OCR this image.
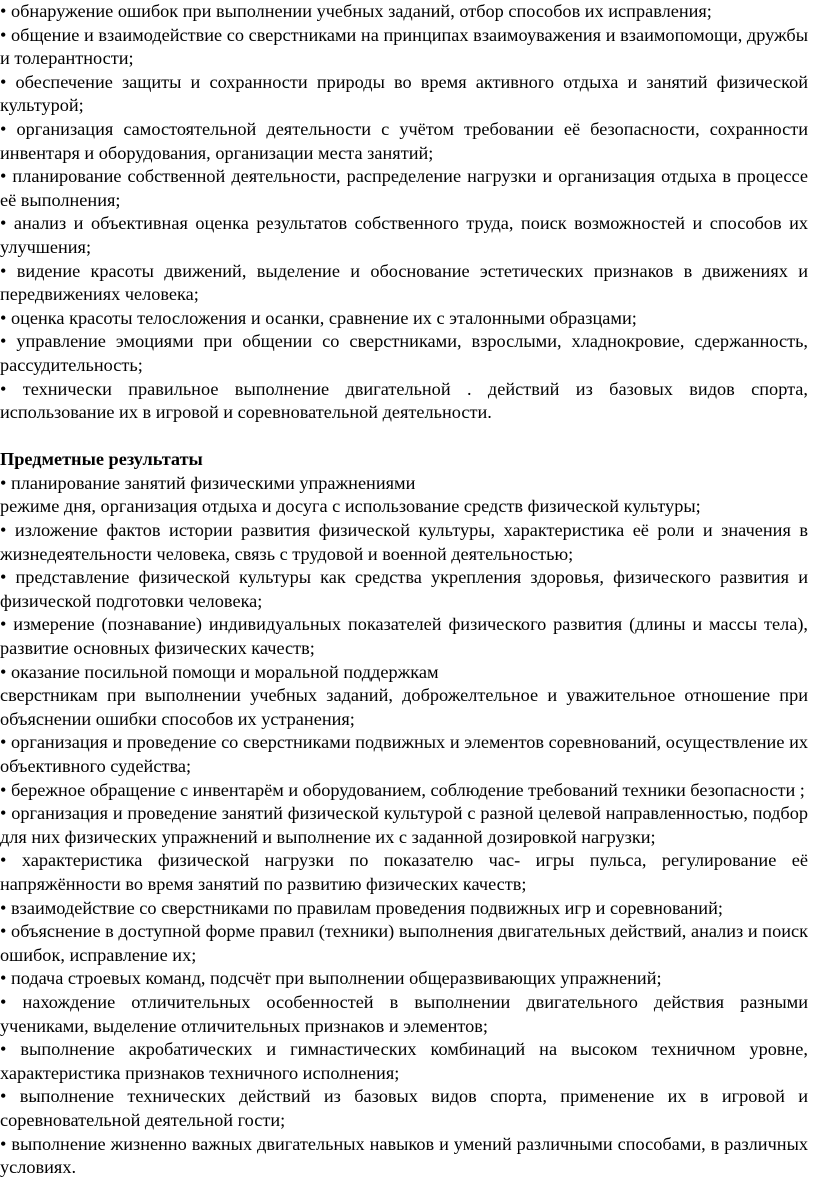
• обнаружение ошибок при выполнении учебных заданий, отбор способов их исправления;

• общение и взаимодействие со сверстниками на принципах взаимоуважения и взаимопомощи, дружбы и толерантности;

• обеспечение защиты и сохранности природы во время активного отдыха и занятий физической культурой;

• организация самостоятельной деятельности с учётом требовании её безопасности, сохранности инвентаря и оборудования, организации места занятий;

• планирование собственной деятельности, распределение нагрузки и организация отдыха в процессе её выполнения;

• анализ и объективная оценка результатов собственного труда, поиск возможностей и способов их улучшения;

• видение красоты движений, выделение и обоснование эстетических признаков в движениях и передвижениях человека;

• оценка красоты телосложения и осанки, сравнение их с эталонными образцами;

• управление эмоциями при общении со сверстниками, взрослыми, хладнокровие, сдержанность, рассудительность;

• технически правильное выполнение двигательной . действий из базовых видов спорта, использование их в игровой и соревновательной деятельности.

Предметные результаты

• планирование занятий физическими упражнениями

режиме дня, организация отдыха и досуга с использование средств физической культуры;

• изложение фактов истории развития физической культуры, характеристика её роли и значения в жизнедеятельности человека, связь с трудовой и военной деятельностью;

• представление физической культуры как средства укрепления здоровья, физического развития и физической подготовки человека;

• измерение (познавание) индивидуальных показателей физического развития (длины и массы тела), развитие основных физических качеств;

• оказание посильной помощи и моральной поддержкам

сверстникам при выполнении учебных заданий, доброжелтельное и уважительное отношение при объяснении ошибки способов их устранения;

• организация и проведение со сверстниками подвижных и элементов соревнований, осуществление их объективного судейства;

• бережное обращение с инвентарём и оборудованием, соблюдение требований техники безопасности ;

• организация и проведение занятий физической культурой с разной целевой направленностью, подбор для них физических упражнений и выполнение их с заданной дозировкой нагрузки;

• характеристика физической нагрузки по показателю час- игры пульса, регулирование её напряжённости во время занятий по развитию физических качеств;

• взаимодействие со сверстниками по правилам проведения подвижных игр и соревнований;

• объяснение в доступной форме правил (техники) выполнения двигательных действий, анализ и поиск ошибок, исправление их;

• подача строевых команд, подсчёт при выполнении общеразвивающих упражнений;

• нахождение отличительных особенностей в выполнении двигательного действия разными учениками, выделение отличительных признаков и элементов;

• выполнение акробатических и гимнастических комбинаций на высоком техничном уровне, характеристика признаков техничного исполнения;

• выполнение технических действий из базовых видов спорта, применение их в игровой и соревновательной деятельной гости;

• выполнение жизненно важных двигательных навыков и умений различными способами, в различных условиях.
